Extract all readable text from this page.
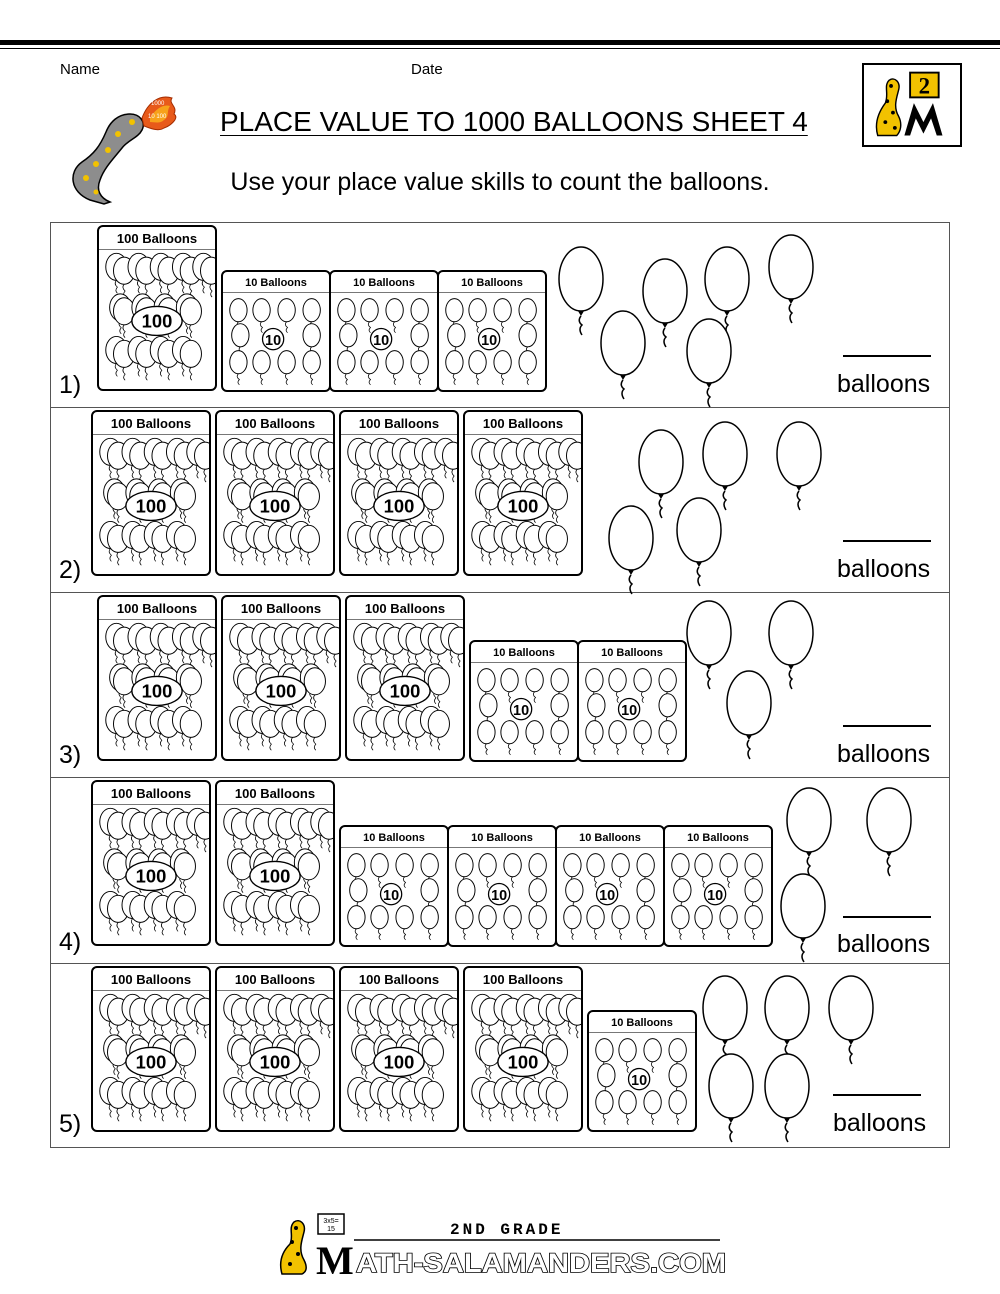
Name	Date
1 1000
10 100 PLACE VALUE TO 1000 BALLOONS SHEET 4
Use your place value skills to count the balloons.
2
1)	balloons
100 Balloons
100
10 Balloons
10
10 Balloons
10
10 Balloons
10
2)	balloons
100 Balloons
100
100 Balloons
100
100 Balloons
100
100 Balloons
100
3)	balloons
100 Balloons
100
100 Balloons
100
100 Balloons
100
10 Balloons
10
10 Balloons
10
4)	balloons
100 Balloons
100
100 Balloons
100
10 Balloons
10
10 Balloons
10
10 Balloons
10
10 Balloons
10
5)	balloons
100 Balloons
100
100 Balloons
100
100 Balloons
100
100 Balloons
100
10 Balloons
10
3x5=
15	2ND GRADE
M ATH-SALAMANDERS.COM
